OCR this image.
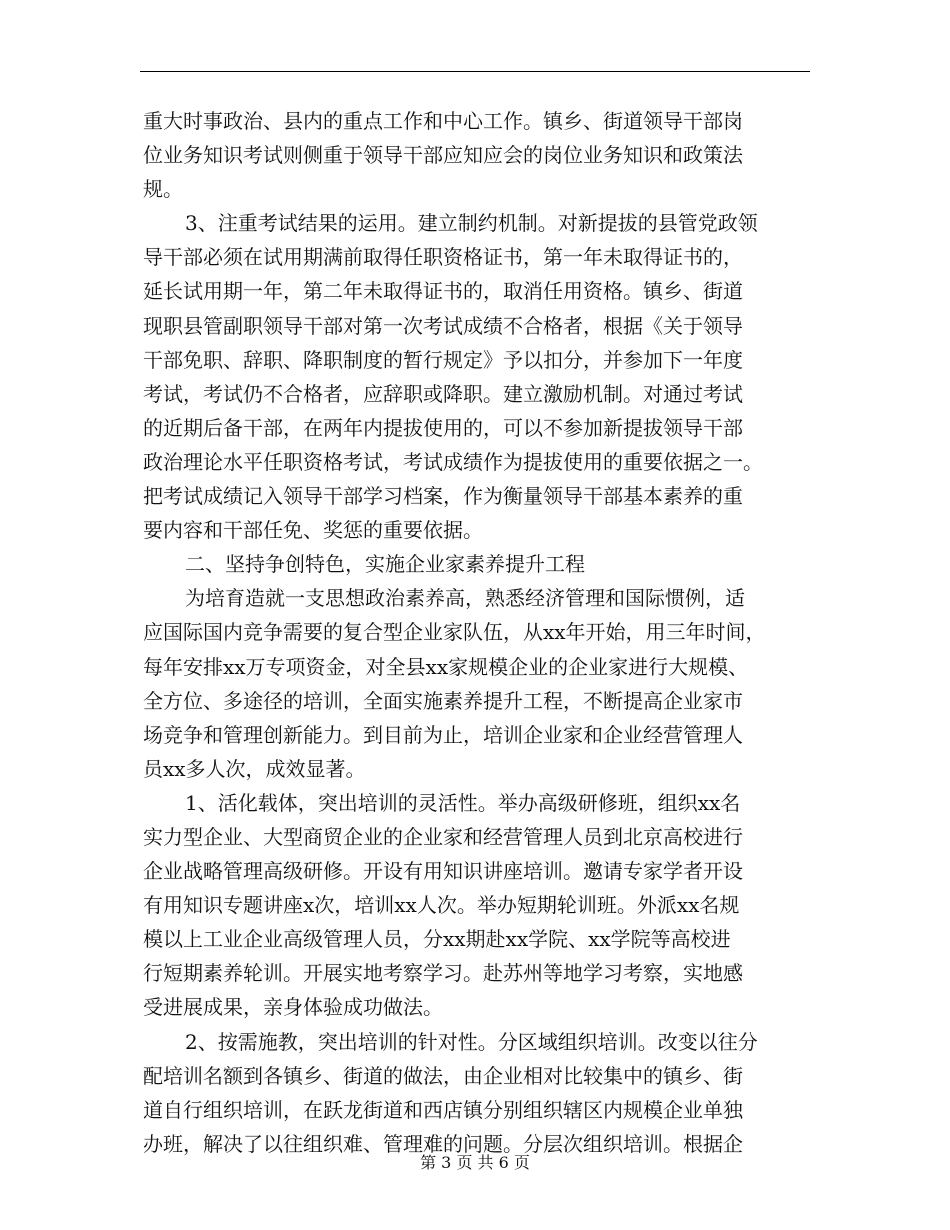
重大时事政治、县内的重点工作和中心工作。镇乡、街道领导干部岗
位业务知识考试则侧重于领导干部应知应会的岗位业务知识和政策法
规。
3、注重考试结果的运用。建立制约机制。对新提拔的县管党政领
导干部必须在试用期满前取得任职资格证书，第一年未取得证书的，
延长试用期一年，第二年未取得证书的，取消任用资格。镇乡、街道
现职县管副职领导干部对第一次考试成绩不合格者，根据《关于领导
干部免职、辞职、降职制度的暂行规定》予以扣分，并参加下一年度
考试，考试仍不合格者，应辞职或降职。建立激励机制。对通过考试
的近期后备干部，在两年内提拔使用的，可以不参加新提拔领导干部
政治理论水平任职资格考试，考试成绩作为提拔使用的重要依据之一。
把考试成绩记入领导干部学习档案，作为衡量领导干部基本素养的重
要内容和干部任免、奖惩的重要依据。
二、坚持争创特色，实施企业家素养提升工程
为培育造就一支思想政治素养高，熟悉经济管理和国际惯例，适
应国际国内竞争需要的复合型企业家队伍，从xx年开始，用三年时间，
每年安排xx万专项资金，对全县xx家规模企业的企业家进行大规模、
全方位、多途径的培训，全面实施素养提升工程，不断提高企业家市
场竞争和管理创新能力。到目前为止，培训企业家和企业经营管理人
员xx多人次，成效显著。
1、活化载体，突出培训的灵活性。举办高级研修班，组织xx名
实力型企业、大型商贸企业的企业家和经营管理人员到北京高校进行
企业战略管理高级研修。开设有用知识讲座培训。邀请专家学者开设
有用知识专题讲座x次，培训xx人次。举办短期轮训班。外派xx名规
模以上工业企业高级管理人员，分xx期赴xx学院、xx学院等高校进
行短期素养轮训。开展实地考察学习。赴苏州等地学习考察，实地感
受进展成果，亲身体验成功做法。
2、按需施教，突出培训的针对性。分区域组织培训。改变以往分
配培训名额到各镇乡、街道的做法，由企业相对比较集中的镇乡、街
道自行组织培训，在跃龙街道和西店镇分别组织辖区内规模企业单独
办班，解决了以往组织难、管理难的问题。分层次组织培训。根据企
第 3 页 共 6 页
